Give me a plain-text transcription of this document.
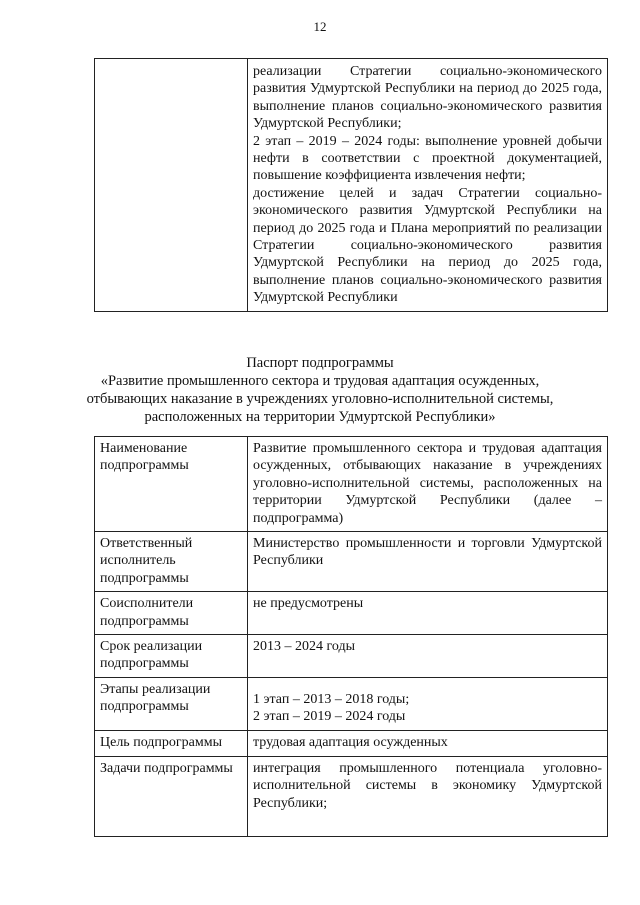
12

реализации Стратегии социально-экономического развития Удмуртской Республики на период до 2025 года, выполнение планов социально-экономического развития Удмуртской Республики;
2 этап – 2019 – 2024 годы: выполнение уровней добычи нефти в соответствии с проектной документацией, повышение коэффициента извлечения нефти;
достижение целей и задач Стратегии социально-экономического развития Удмуртской Республики на период до 2025 года и Плана мероприятий по реализации Стратегии социально-экономического развития Удмуртской Республики на период до 2025 года, выполнение планов социально-экономического развития Удмуртской Республики
Паспорт подпрограммы
«Развитие промышленного сектора и трудовая адаптация осужденных,
отбывающих наказание в учреждениях уголовно-исполнительной системы,
расположенных на территории Удмуртской Республики»
Наименование подпрограммы	Развитие промышленного сектора и трудовая адаптация осужденных, отбывающих наказание в учреждениях уголовно-исполнительной системы, расположенных на территории Удмуртской Республики (далее – подпрограмма)
Ответственный исполнитель подпрограммы	Министерство промышленности и торговли Удмуртской Республики
Соисполнители подпрограммы	не предусмотрены
Срок реализации подпрограммы	2013 – 2024 годы
Этапы реализации подпрограммы	1 этап – 2013 – 2018 годы;
2 этап – 2019 – 2024 годы

Цель подпрограммы	трудовая адаптация осужденных
Задачи подпрограммы	интеграция промышленного потенциала уголовно-исполнительной системы в экономику Удмуртской Республики;
